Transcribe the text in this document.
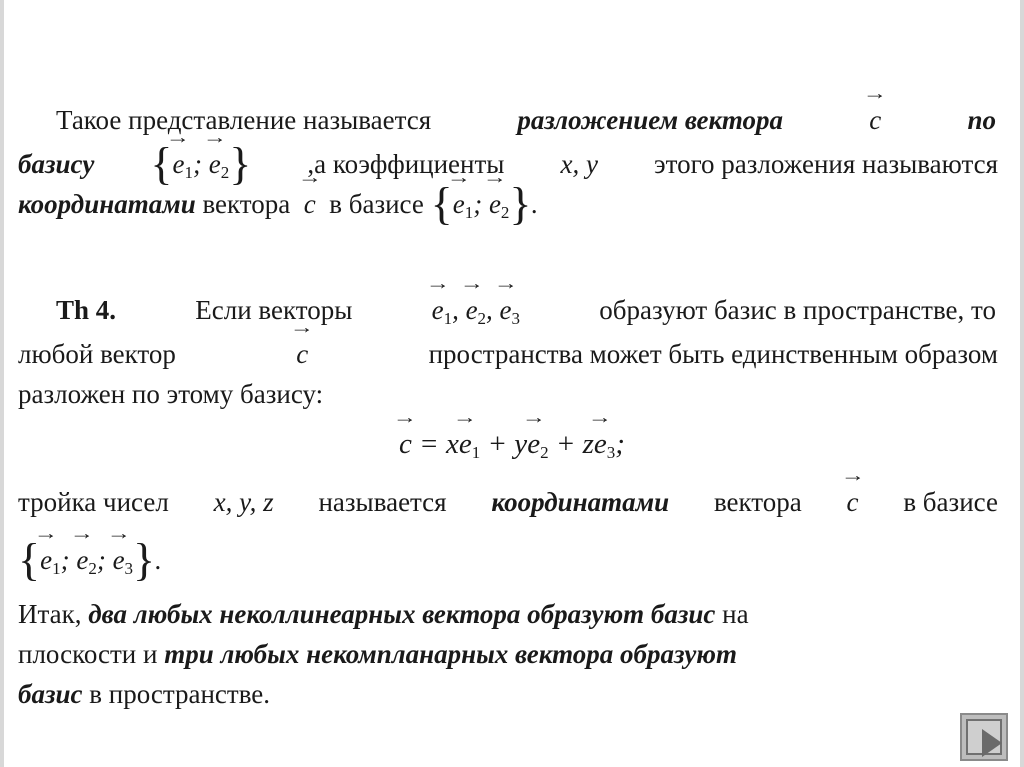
Такое представление называется	разложением вектора	→ c	по
базису {→ $e_1$; → $e_2$} ,а коэффициенты x, y этого разложения называются
координатами вектора → c в базисе {→ $e_1$; → $e_2$}.
Th 4.	Если векторы	→ $e_1$, → $e_2$, → $e_3$	образуют базис в пространстве, то
любой вектор	→ c	пространства может быть единственным образом
разложен по этому базису:
→ $c = x\to e_1 + y\to e_2 + z\to e_3$;
тройка чисел x, y, z называется координатами вектора → c в базисе
{→ $e_1$; → $e_2$; → $e_3$}.
Итак, два любых неколлинеарных вектора образуют базис на
плоскости и три любых некомпланарных вектора образуют
базис в пространстве.
